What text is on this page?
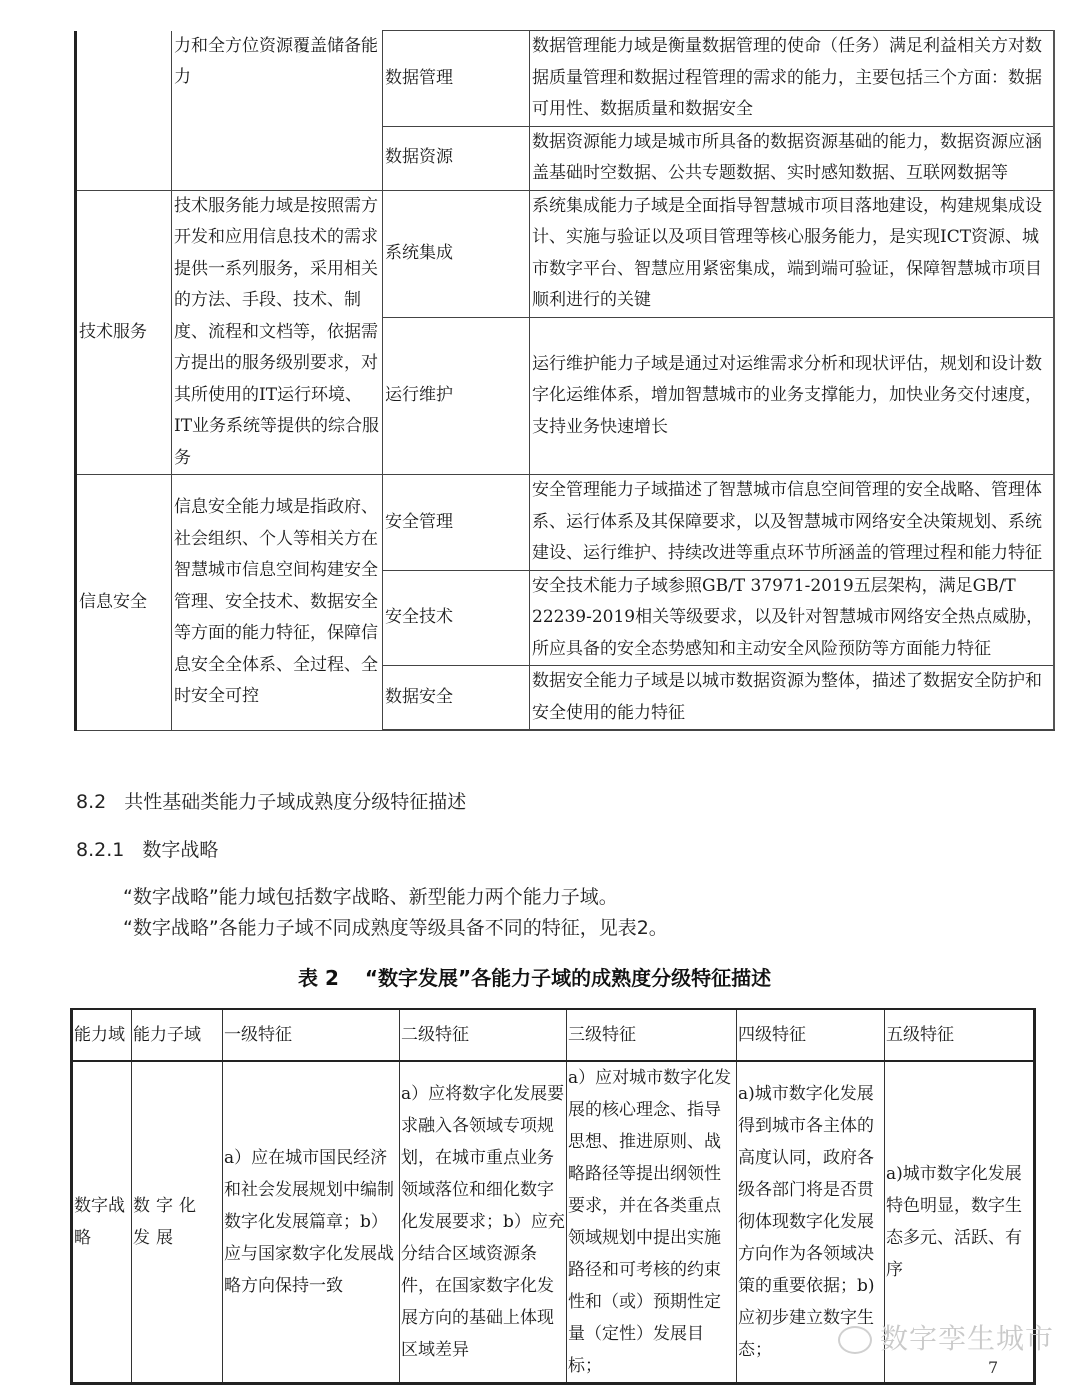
	力和全方位资源覆盖储备能力	数据管理	数据管理能力域是衡量数据管理的使命（任务）满足利益相关方对数据质量管理和数据过程管理的需求的能力，主要包括三个方面：数据可用性、数据质量和数据安全
		数据资源	数据资源能力域是城市所具备的数据资源基础的能力，数据资源应涵盖基础时空数据、公共专题数据、实时感知数据、互联网数据等
技术服务	技术服务能力域是按照需方开发和应用信息技术的需求提供一系列服务，采用相关的方法、手段、技术、制度、流程和文档等，依据需方提出的服务级别要求，对其所使用的IT运行环境、IT业务系统等提供的综合服务	系统集成	系统集成能力子域是全面指导智慧城市项目落地建设，构建规集成设计、实施与验证以及项目管理等核心服务能力，是实现ICT资源、城市数字平台、智慧应用紧密集成，端到端可验证，保障智慧城市项目顺利进行的关键
		运行维护	运行维护能力子域是通过对运维需求分析和现状评估，规划和设计数字化运维体系，增加智慧城市的业务支撑能力，加快业务交付速度，支持业务快速增长
信息安全	信息安全能力域是指政府、社会组织、个人等相关方在智慧城市信息空间构建安全管理、安全技术、数据安全等方面的能力特征，保障信息安全全体系、全过程、全时安全可控	安全管理	安全管理能力子域描述了智慧城市信息空间管理的安全战略、管理体系、运行体系及其保障要求，以及智慧城市网络安全决策规划、系统建设、运行维护、持续改进等重点环节所涵盖的管理过程和能力特征
		安全技术	安全技术能力子域参照GB/T 37971-2019五层架构，满足GB/T 22239-2019相关等级要求，以及针对智慧城市网络安全热点威胁，所应具备的安全态势感知和主动安全风险预防等方面能力特征
		数据安全	数据安全能力子域是以城市数据资源为整体，描述了数据安全防护和安全使用的能力特征
8.2 共性基础类能力子域成熟度分级特征描述
8.2.1 数字战略
“数字战略”能力域包括数字战略、新型能力两个能力子域。
“数字战略”各能力子域不同成熟度等级具备不同的特征，见表2。
表 2 “数字发展”各能力子域的成熟度分级特征描述
能力域	能力子域	一级特征	二级特征	三级特征	四级特征	五级特征
数字战略	数字化发展	a）应在城市国民经济和社会发展规划中编制数字化发展篇章；b）应与国家数字化发展战略方向保持一致	a）应将数字化发展要求融入各领域专项规划，在城市重点业务领域落位和细化数字化发展要求；b）应充分结合区域资源条件，在国家数字化发展方向的基础上体现区域差异	a）应对城市数字化发展的核心理念、指导思想、推进原则、战略路径等提出纲领性要求，并在各类重点领域规划中提出实施路径和可考核的约束性和（或）预期性定量（定性）发展目标；	a)城市数字化发展得到城市各主体的高度认同，政府各级各部门将是否贯彻体现数字化发展方向作为各领域决策的重要依据；b)应初步建立数字生态；	a)城市数字化发展特色明显，数字生态多元、活跃、有序
数字孪生城市
7
